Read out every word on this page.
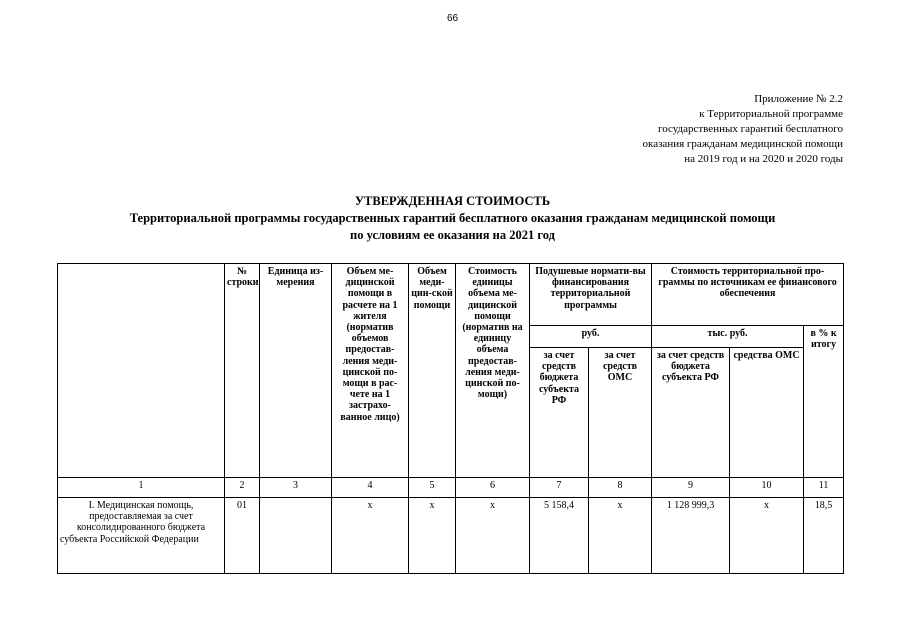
66
Приложение № 2.2
к Территориальной программе
государственных гарантий бесплатного
оказания гражданам медицинской помощи
на 2019 год и на 2020 и 2020 годы
УТВЕРЖДЕННАЯ СТОИМОСТЬ
Территориальной программы государственных гарантий бесплатного оказания гражданам медицинской помощи
по условиям ее оказания на 2021 год
	№ строки	Единица из-мерения	Объем ме-дицинской помощи в расчете на 1 жителя (норматив объемов предостав-ления меди-цинской по-мощи в рас-чете на 1 застрахо-ванное лицо)	Объем меди-цин-ской помощи	Стоимость единицы объема ме-дицинской помощи (норматив на единицу объема предостав-ления меди-цинской по-мощи)	Подушевые нормати-вы финансирования территориальной программы		Стоимость территориальной про-граммы по источникам ее финансового обеспечения		
						руб.		тыс. руб.		в % к итогу
						за счет средств бюджета субъекта РФ	за счет средств ОМС	за счет средств бюджета субъекта РФ	средства ОМС	
1	2	3	4	5	6	7	8	9	10	11
I. Медицинская помощь, предоставляемая за счет консолидированного бюджета субъекта Российской Федерации	01		х	х	х	5 158,4	х	1 128 999,3	х	18,5
